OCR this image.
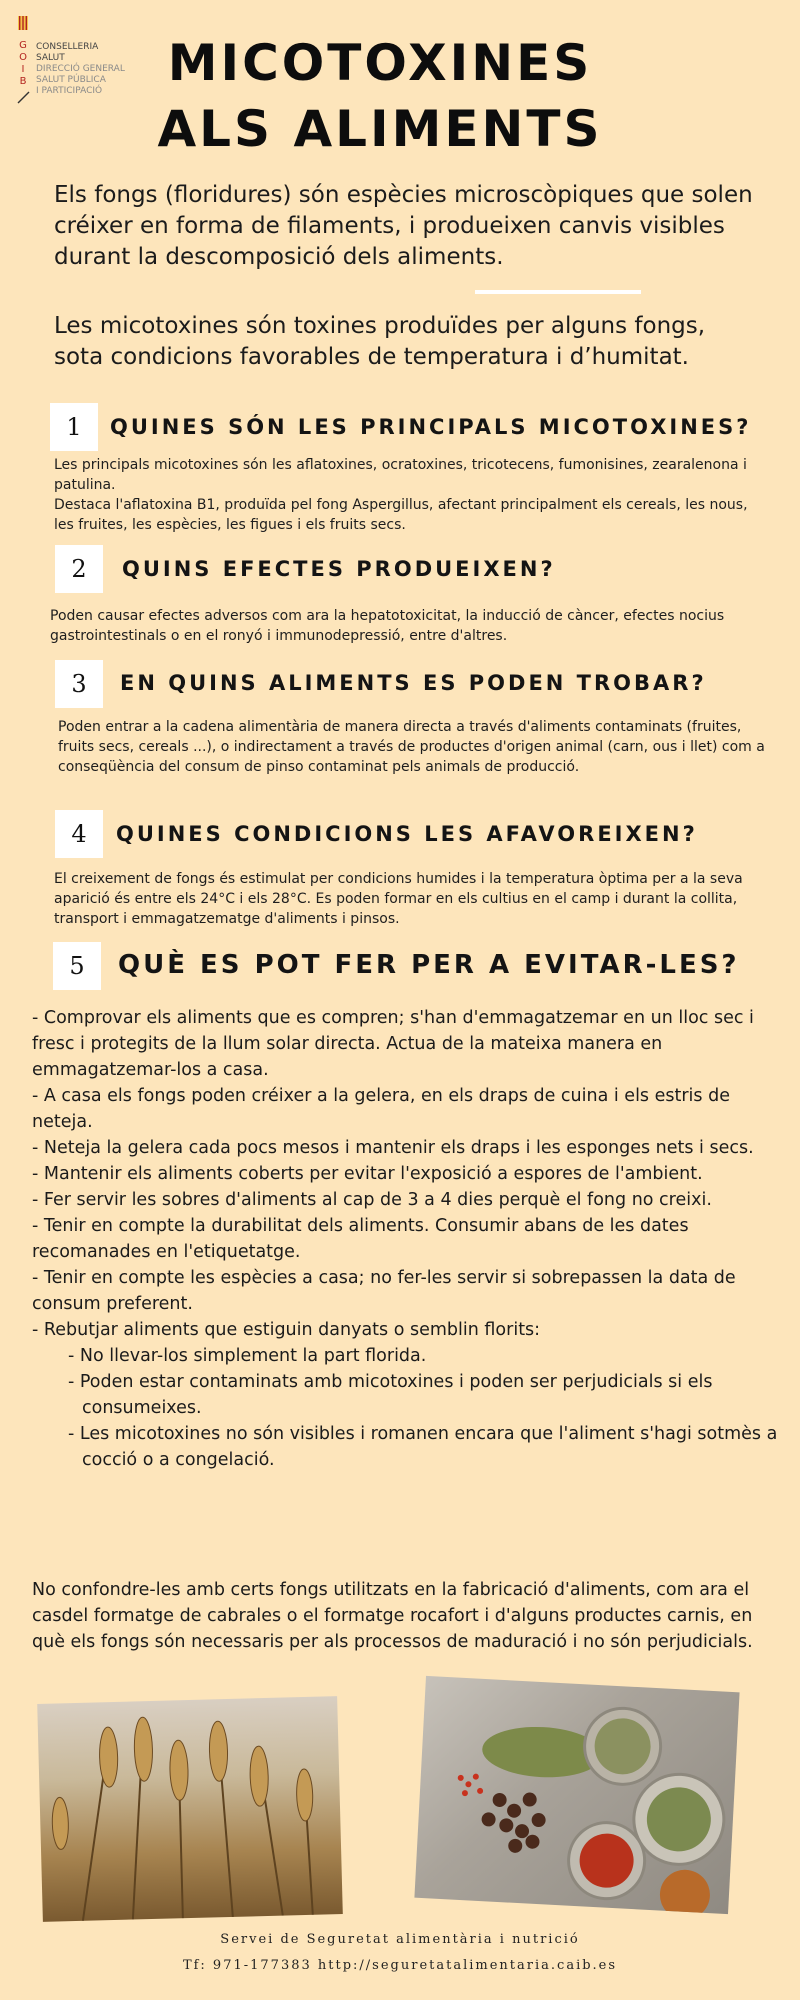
G
O
I
B
CONSELLERIA
SALUT
DIRECCIÓ GENERAL
SALUT PÚBLICA
I PARTICIPACIÓ	MICOTOXINES
ALS ALIMENTS
Els fongs (floridures) són espècies microscòpiques que solen créixer en forma de filaments, i produeixen canvis visibles durant la descomposició dels aliments.
Les micotoxines són toxines produïdes per alguns fongs, sota condicions favorables de temperatura i d’humitat.
1	QUINES SÓN LES PRINCIPALS MICOTOXINES?
Les principals micotoxines són les aflatoxines, ocratoxines, tricotecens, fumonisines, zearalenona i patulina.
Destaca l'aflatoxina B1, produïda pel fong Aspergillus, afectant principalment els cereals, les nous, les fruites, les espècies, les figues i els fruits secs.
2	QUINS EFECTES PRODUEIXEN?
Poden causar efectes adversos com ara la hepatotoxicitat, la inducció de càncer, efectes nocius gastrointestinals o en el ronyó i immunodepressió, entre d'altres.
3	EN QUINS ALIMENTS ES PODEN TROBAR?
Poden entrar a la cadena alimentària de manera directa a través d'aliments contaminats (fruites, fruits secs, cereals ...), o indirectament a través de productes d'origen animal (carn, ous i llet) com a conseqüència del consum de pinso contaminat pels animals de producció.
4	QUINES CONDICIONS LES AFAVOREIXEN?
El creixement de fongs és estimulat per condicions humides i la temperatura òptima per a la seva aparició és entre els 24°C i els 28°C. Es poden formar en els cultius en el camp i durant la collita, transport i emmagatzematge d'aliments i pinsos.
5	QUÈ ES POT FER PER A EVITAR-LES?

- Comprovar els aliments que es compren; s'han d'emmagatzemar en un lloc sec i fresc i protegits de la llum solar directa. Actua de la mateixa manera en emmagatzemar-los a casa.

- A casa els fongs poden créixer a la gelera, en els draps de cuina i els estris de neteja.

- Neteja la gelera cada pocs mesos i mantenir els draps i les esponges nets i secs.

- Mantenir els aliments coberts per evitar l'exposició a espores de l'ambient.

- Fer servir les sobres d'aliments al cap de 3 a 4 dies perquè el fong no creixi.

- Tenir en compte la durabilitat dels aliments. Consumir abans de les dates recomanades en l'etiquetatge.

- Tenir en compte les espècies a casa; no fer-les servir si sobrepassen la data de consum preferent.

- Rebutjar aliments que estiguin danyats o semblin florits:

- No llevar-los simplement la part florida.

- Poden estar contaminats amb micotoxines i poden ser perjudicials si els consumeixes.

- Les micotoxines no són visibles i romanen encara que l'aliment s'hagi sotmès a cocció o a congelació.

No confondre-les amb certs fongs utilitzats en la fabricació d'aliments, com ara el casdel formatge de cabrales o el formatge rocafort i d'alguns productes carnis, en què els fongs són necessaris per als processos de maduració i no són perjudicials.
Servei de Seguretat alimentària i nutrició
Tf: 971-177383 http://seguretatalimentaria.caib.es
